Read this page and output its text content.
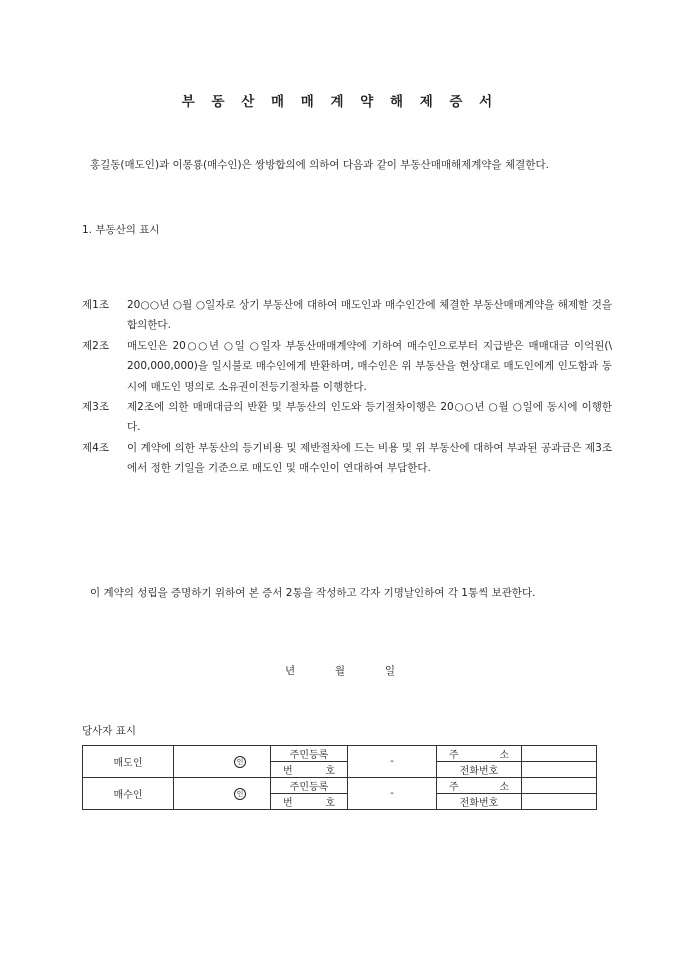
부 동 산 매 매 계 약 해 제 증 서
홍길동(매도인)과 이몽룡(매수인)은 쌍방합의에 의하여 다음과 같이 부동산매매해제계약을 체결한다.
1. 부동산의 표시
제1조	20○○년 ○월 ○일자로 상기 부동산에 대하여 매도인과 매수인간에 체결한 부동산매매계약을 해제할 것을 합의한다.
제2조	매도인은 20○○년 ○일 ○일자 부동산매매계약에 기하여 매수인으로부터 지급받은 매매대금 이억원(\ 200,000,000)을 일시불로 매수인에게 반환하며, 매수인은 위 부동산을 현상대로 매도인에게 인도함과 동시에 매도인 명의로 소유권이전등기절차를 이행한다.
제3조	제2조에 의한 매매대금의 반환 및 부동산의 인도와 등기절차이행은 20○○년 ○월 ○일에 동시에 이행한다.
제4조	이 계약에 의한 부동산의 등기비용 및 제반절차에 드는 비용 및 위 부동산에 대하여 부과된 공과금은 제3조에서 정한 기일을 기준으로 매도인 및 매수인이 연대하여 부담한다.
이 계약의 성립을 증명하기 위하여 본 증서 2통을 작성하고 각자 기명날인하여 각 1통씩 보관한다.
년	월	일
당사자 표시
매도인	인	주민등록	-	주 소	

		번 호		전화번호	
매수인	인	주민등록	-	주 소	

		번 호		전화번호	
